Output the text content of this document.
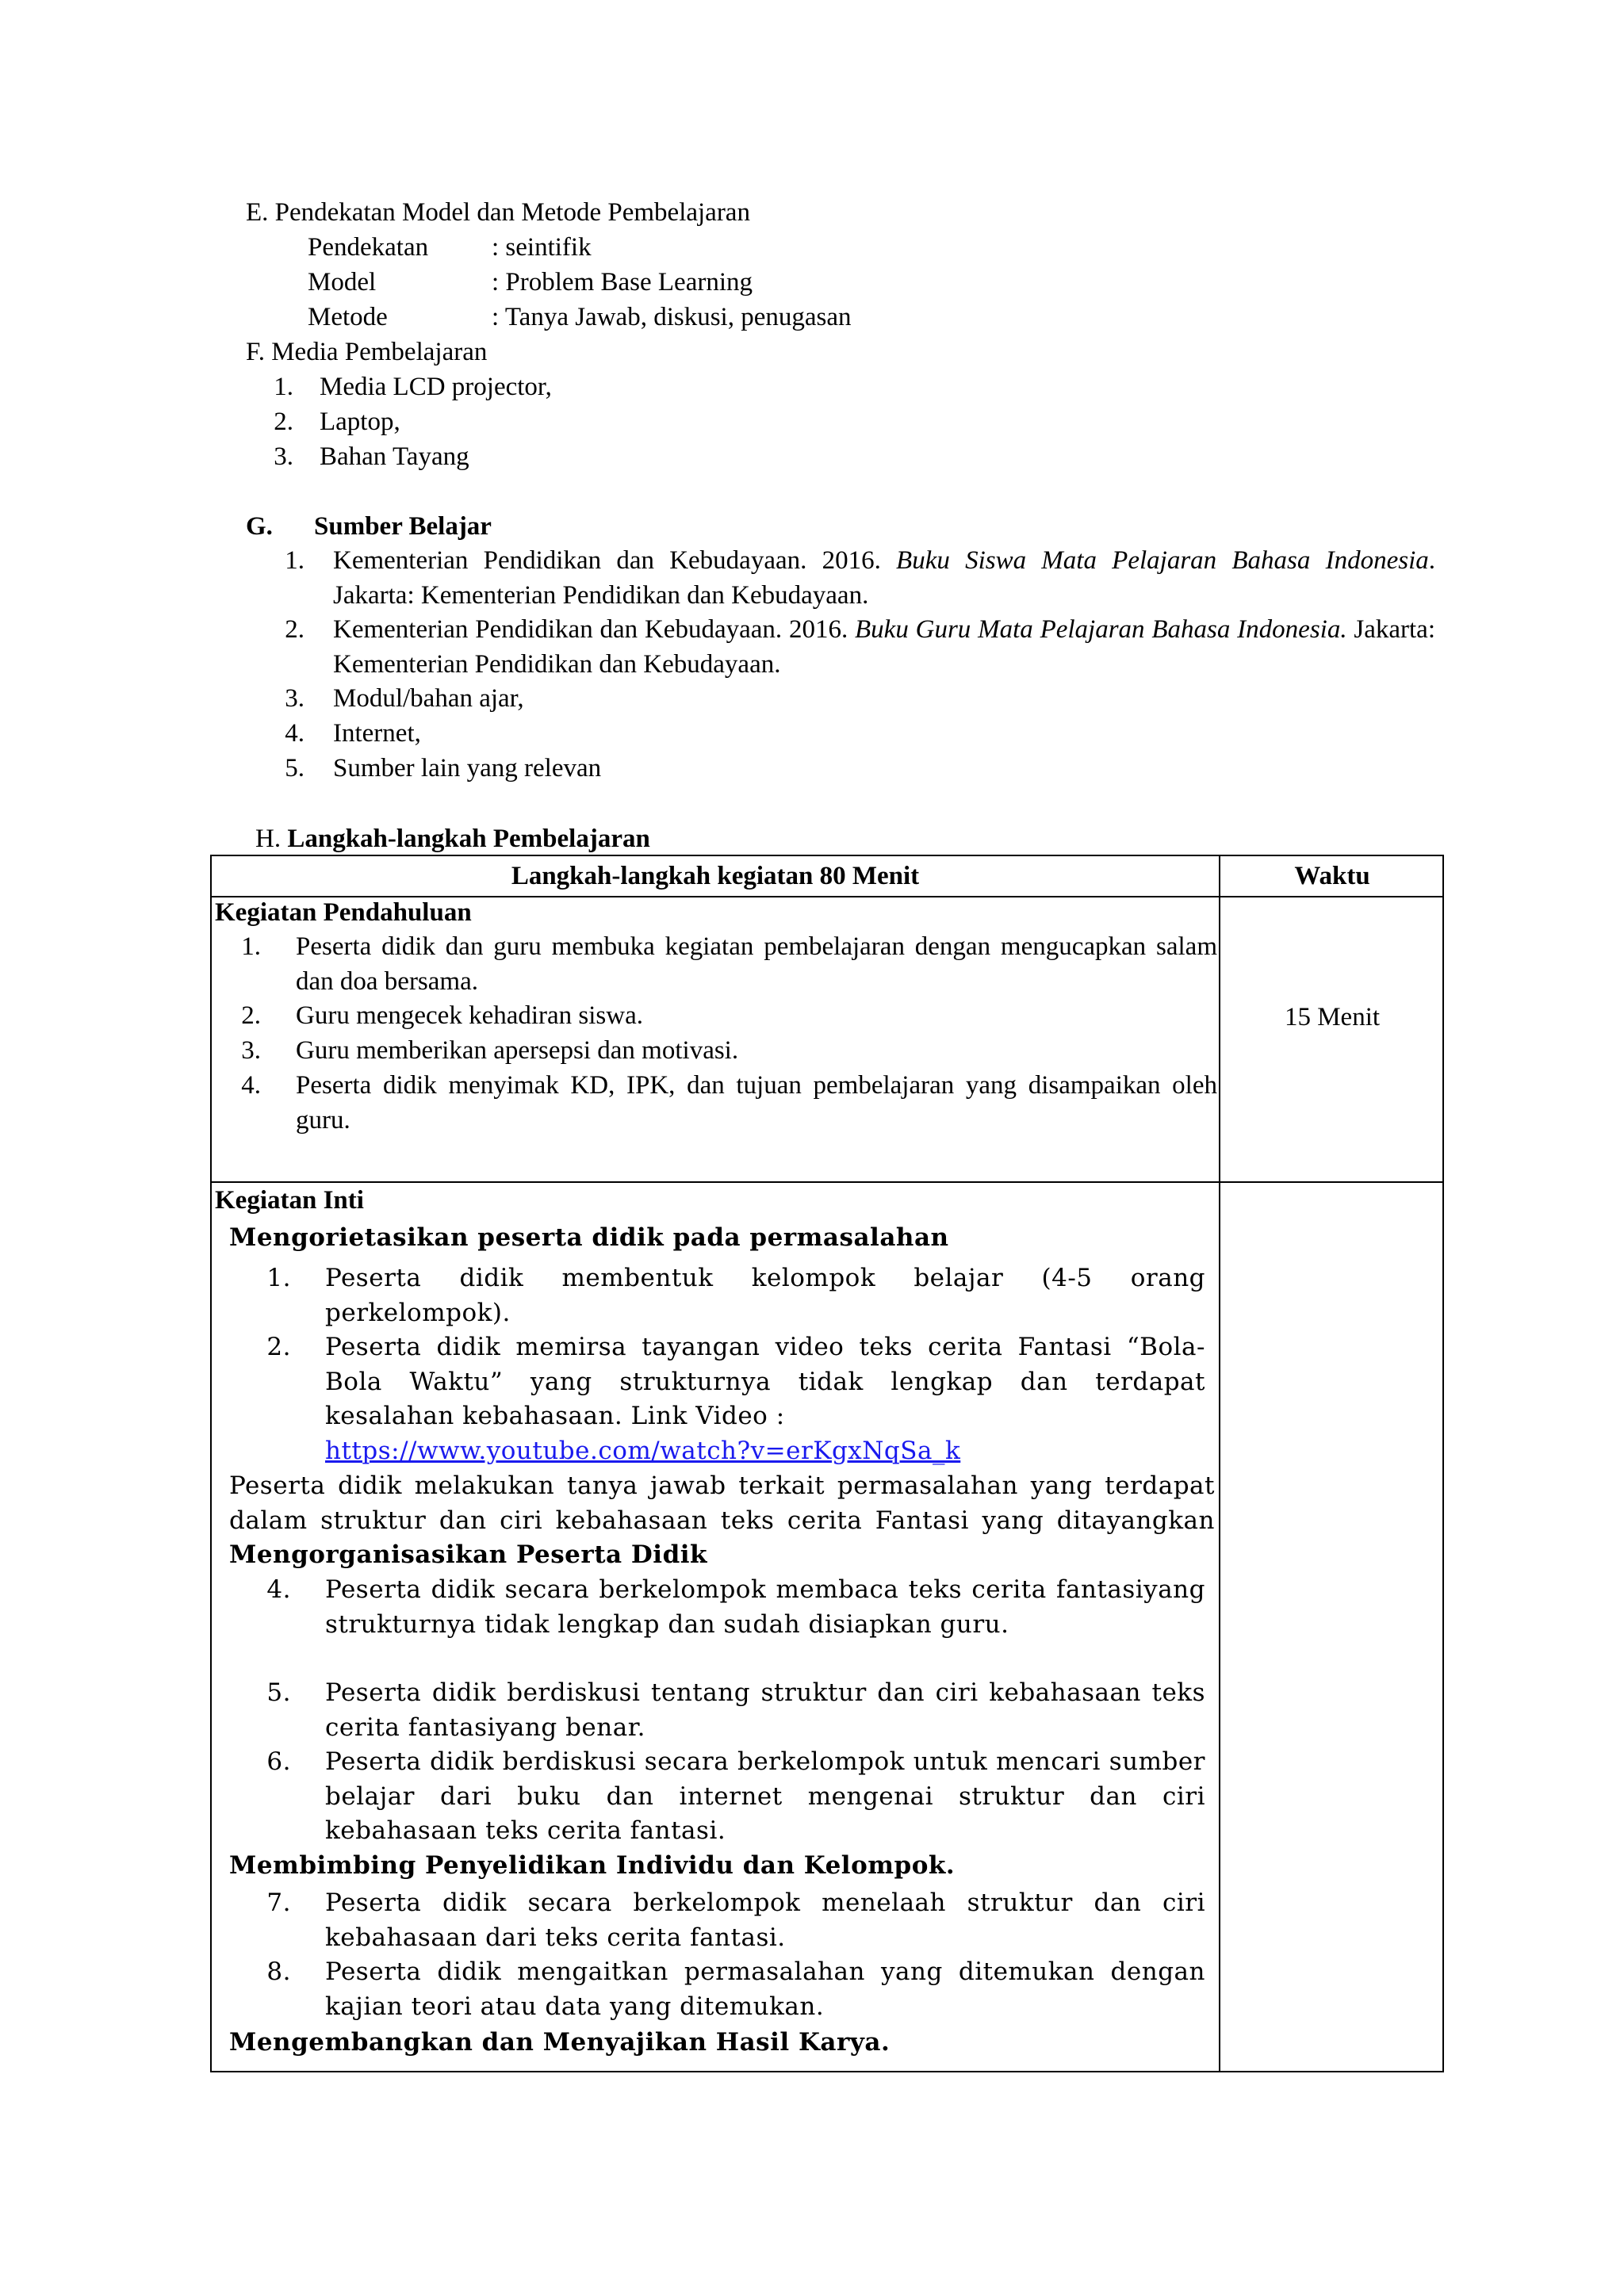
E. Pendekatan Model dan Metode Pembelajaran
Pendekatan : seintifik
Model	: Problem Base Learning
Metode	: Tanya Jawab, diskusi, penugasan
F. Media Pembelajaran
1. Media LCD projector,
2. Laptop,
3. Bahan Tayang
G. Sumber Belajar
1. Kementerian Pendidikan dan Kebudayaan. 2016. Buku Siswa Mata Pelajaran Bahasa Indonesia. Jakarta: Kementerian Pendidikan dan Kebudayaan.
2. Kementerian Pendidikan dan Kebudayaan. 2016. Buku Guru Mata Pelajaran Bahasa Indonesia. Jakarta: Kementerian Pendidikan dan Kebudayaan.
3. Modul/bahan ajar,
4. Internet,
5. Sumber lain yang relevan
H. Langkah-langkah Pembelajaran
Langkah-langkah kegiatan 80 Menit	Waktu
Kegiatan Pendahuluan
1. Peserta didik dan guru membuka kegiatan pembelajaran dengan mengucapkan salam dan doa bersama.
2. Guru mengecek kehadiran siswa.
3. Guru memberikan apersepsi dan motivasi.
4. Peserta didik menyimak KD, IPK, dan tujuan pembelajaran yang disampaikan oleh guru.
15 Menit
Kegiatan Inti
Mengorietasikan peserta didik pada permasalahan
1. Peserta didik membentuk kelompok belajar (4-5 orang perkelompok).
2. Peserta didik memirsa tayangan video teks cerita Fantasi “Bola-Bola Waktu” yang strukturnya tidak lengkap dan terdapat kesalahan kebahasaan. Link Video :
https://www.youtube.com/watch?v=erKgxNqSa_k
Peserta didik melakukan tanya jawab terkait permasalahan yang terdapat dalam struktur dan ciri kebahasaan teks cerita Fantasi yang ditayangkan Mengorganisasikan Peserta Didik
4. Peserta didik secara berkelompok membaca teks cerita fantasiyang strukturnya tidak lengkap dan sudah disiapkan guru.
5. Peserta didik berdiskusi tentang struktur dan ciri kebahasaan teks cerita fantasiyang benar.
6. Peserta didik berdiskusi secara berkelompok untuk mencari sumber belajar dari buku dan internet mengenai struktur dan ciri kebahasaan teks cerita fantasi.
Membimbing Penyelidikan Individu dan Kelompok.
7. Peserta didik secara berkelompok menelaah struktur dan ciri kebahasaan dari teks cerita fantasi.
8. Peserta didik mengaitkan permasalahan yang ditemukan dengan kajian teori atau data yang ditemukan.
Mengembangkan dan Menyajikan Hasil Karya.
